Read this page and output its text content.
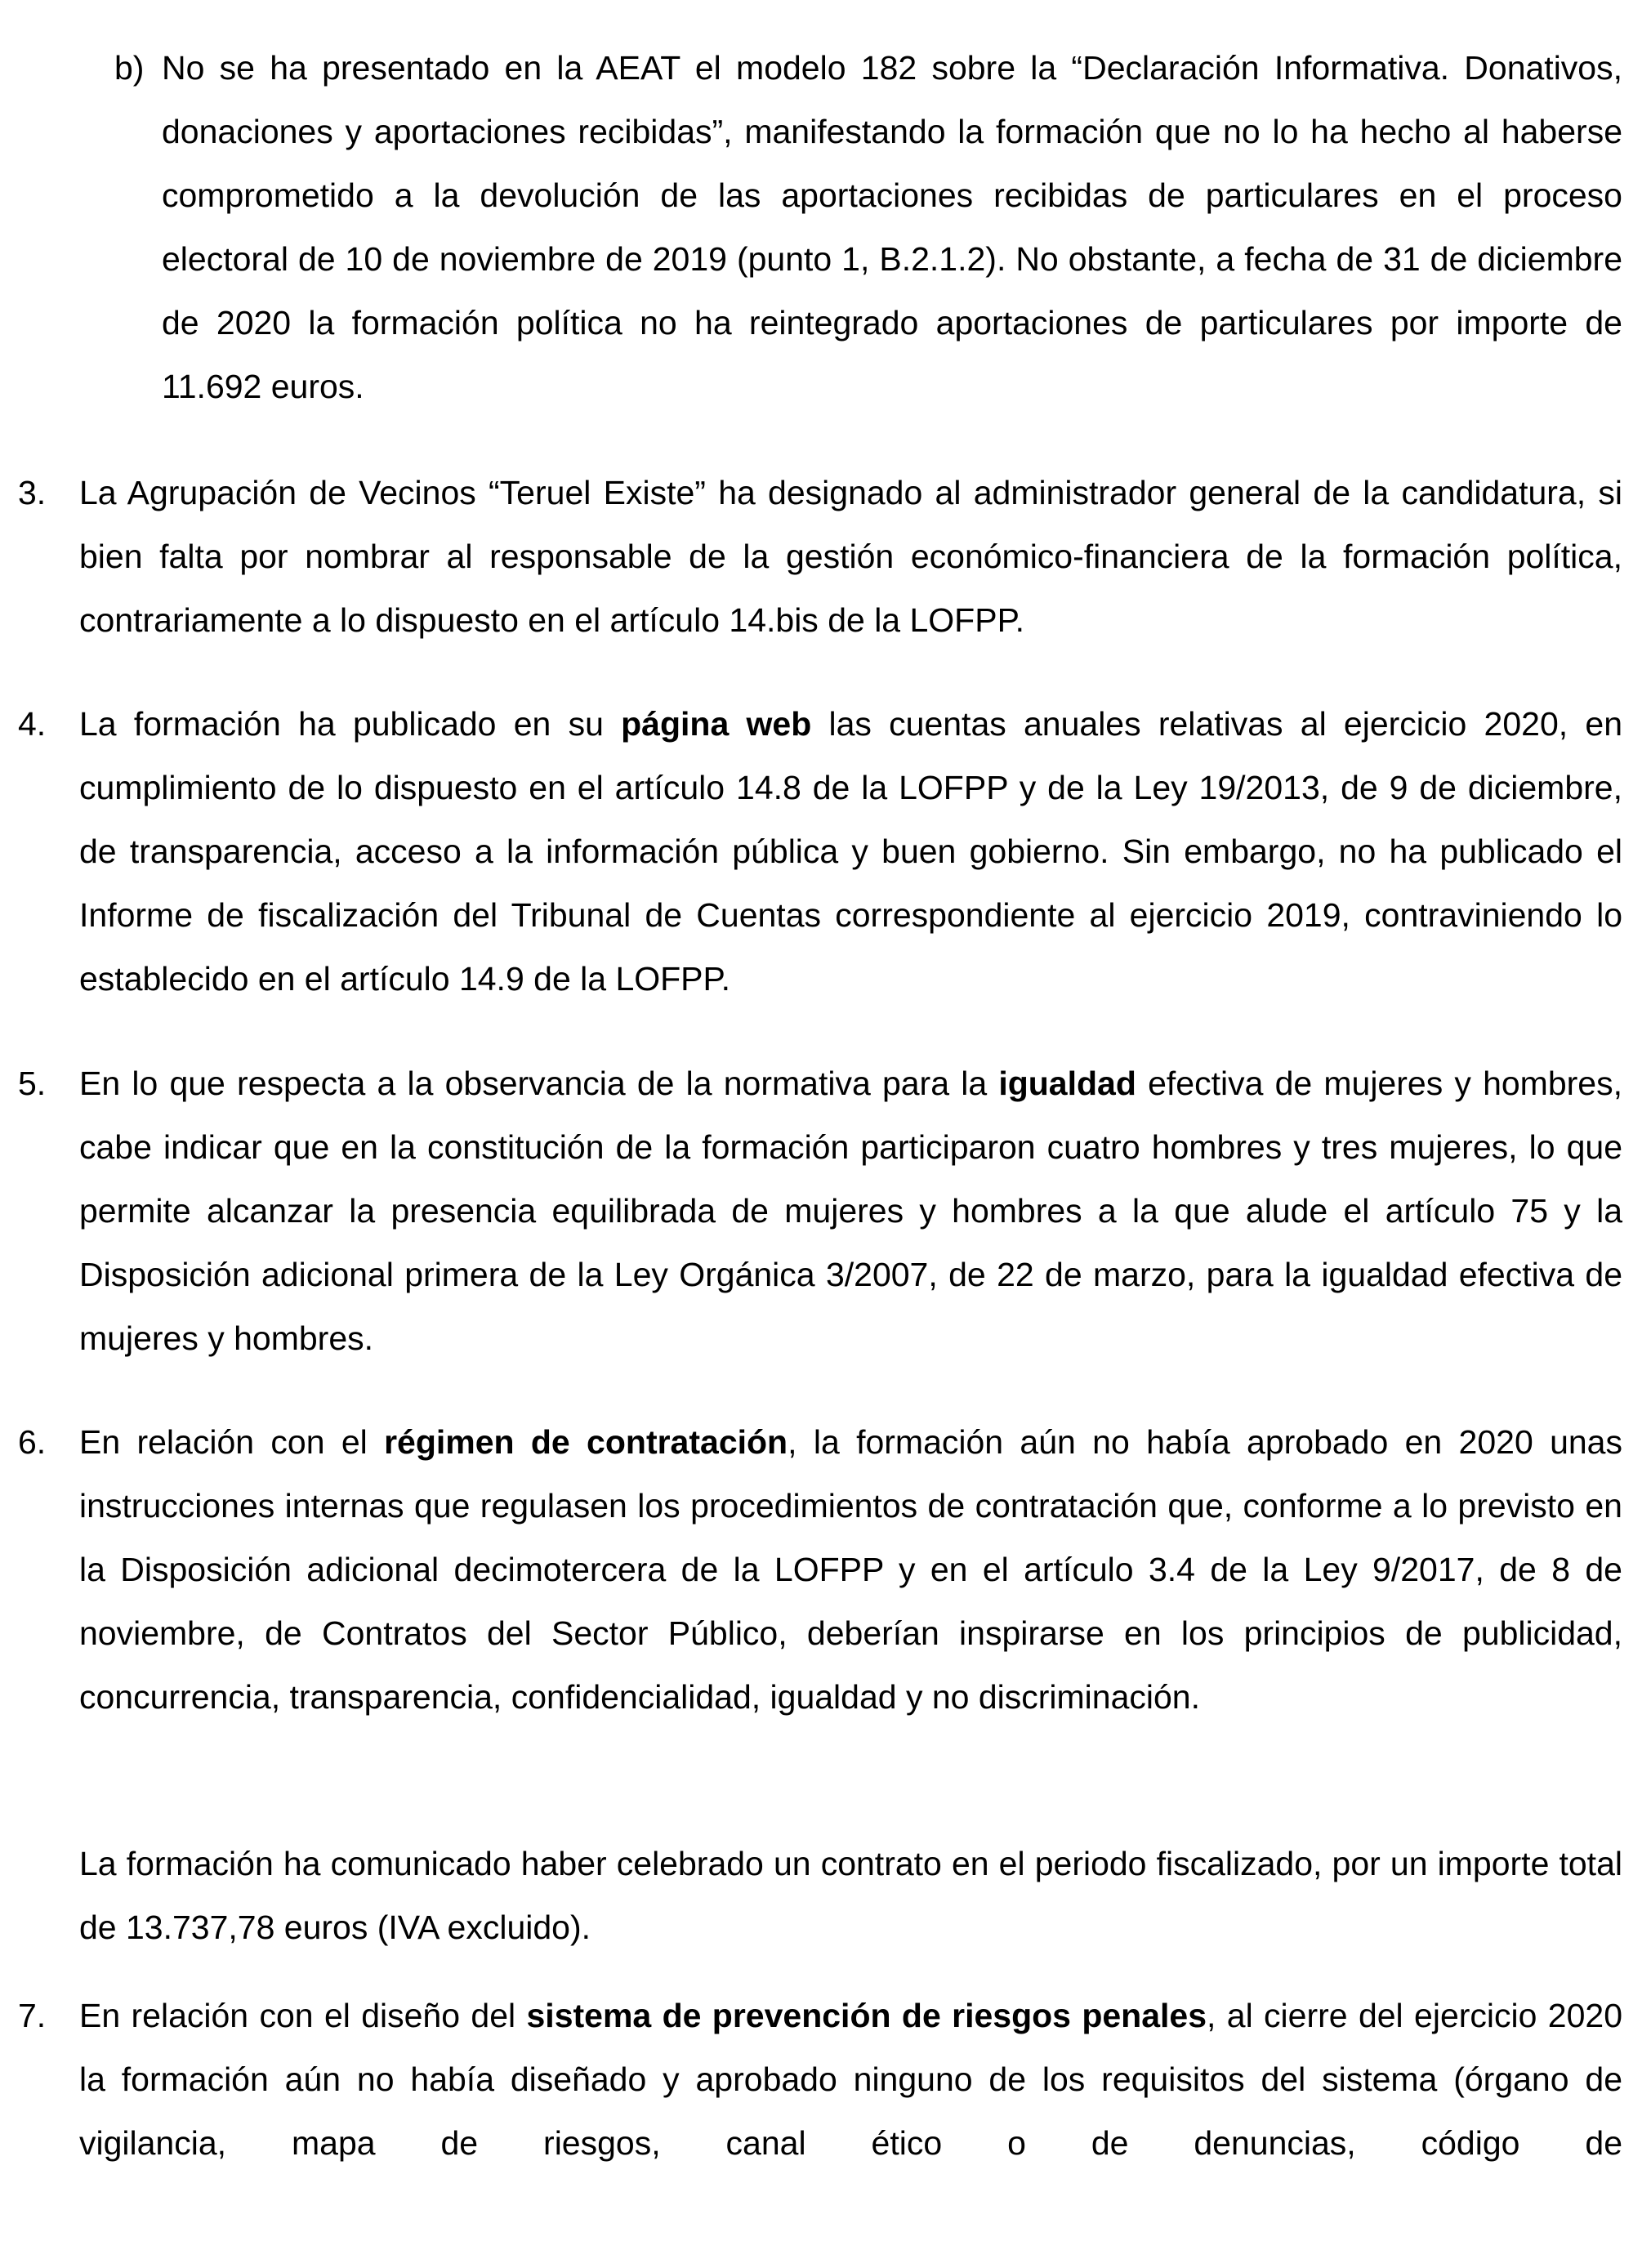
b) No se ha presentado en la AEAT el modelo 182 sobre la “Declaración Informativa. Donativos, donaciones y aportaciones recibidas”, manifestando la formación que no lo ha hecho al haberse comprometido a la devolución de las aportaciones recibidas de particulares en el proceso electoral de 10 de noviembre de 2019 (punto 1, B.2.1.2). No obstante, a fecha de 31 de diciembre de 2020 la formación política no ha reintegrado aportaciones de particulares por importe de 11.692 euros.

3. La Agrupación de Vecinos “Teruel Existe” ha designado al administrador general de la candidatura, si bien falta por nombrar al responsable de la gestión económico-financiera de la formación política, contrariamente a lo dispuesto en el artículo 14.bis de la LOFPP.

4. La formación ha publicado en su página web las cuentas anuales relativas al ejercicio 2020, en cumplimiento de lo dispuesto en el artículo 14.8 de la LOFPP y de la Ley 19/2013, de 9 de diciembre, de transparencia, acceso a la información pública y buen gobierno. Sin embargo, no ha publicado el Informe de fiscalización del Tribunal de Cuentas correspondiente al ejercicio 2019, contraviniendo lo establecido en el artículo 14.9 de la LOFPP.

5. En lo que respecta a la observancia de la normativa para la igualdad efectiva de mujeres y hombres, cabe indicar que en la constitución de la formación participaron cuatro hombres y tres mujeres, lo que permite alcanzar la presencia equilibrada de mujeres y hombres a la que alude el artículo 75 y la Disposición adicional primera de la Ley Orgánica 3/2007, de 22 de marzo, para la igualdad efectiva de mujeres y hombres.

6. En relación con el régimen de contratación, la formación aún no había aprobado en 2020 unas instrucciones internas que regulasen los procedimientos de contratación que, conforme a lo previsto en la Disposición adicional decimotercera de la LOFPP y en el artículo 3.4 de la Ley 9/2017, de 8 de noviembre, de Contratos del Sector Público, deberían inspirarse en los principios de publicidad, concurrencia, transparencia, confidencialidad, igualdad y no discriminación.

La formación ha comunicado haber celebrado un contrato en el periodo fiscalizado, por un importe total de 13.737,78 euros (IVA excluido).

7. En relación con el diseño del sistema de prevención de riesgos penales, al cierre del ejercicio 2020 la formación aún no había diseñado y aprobado ninguno de los requisitos del sistema (órgano de vigilancia, mapa de riesgos, canal ético o de denuncias, código de
